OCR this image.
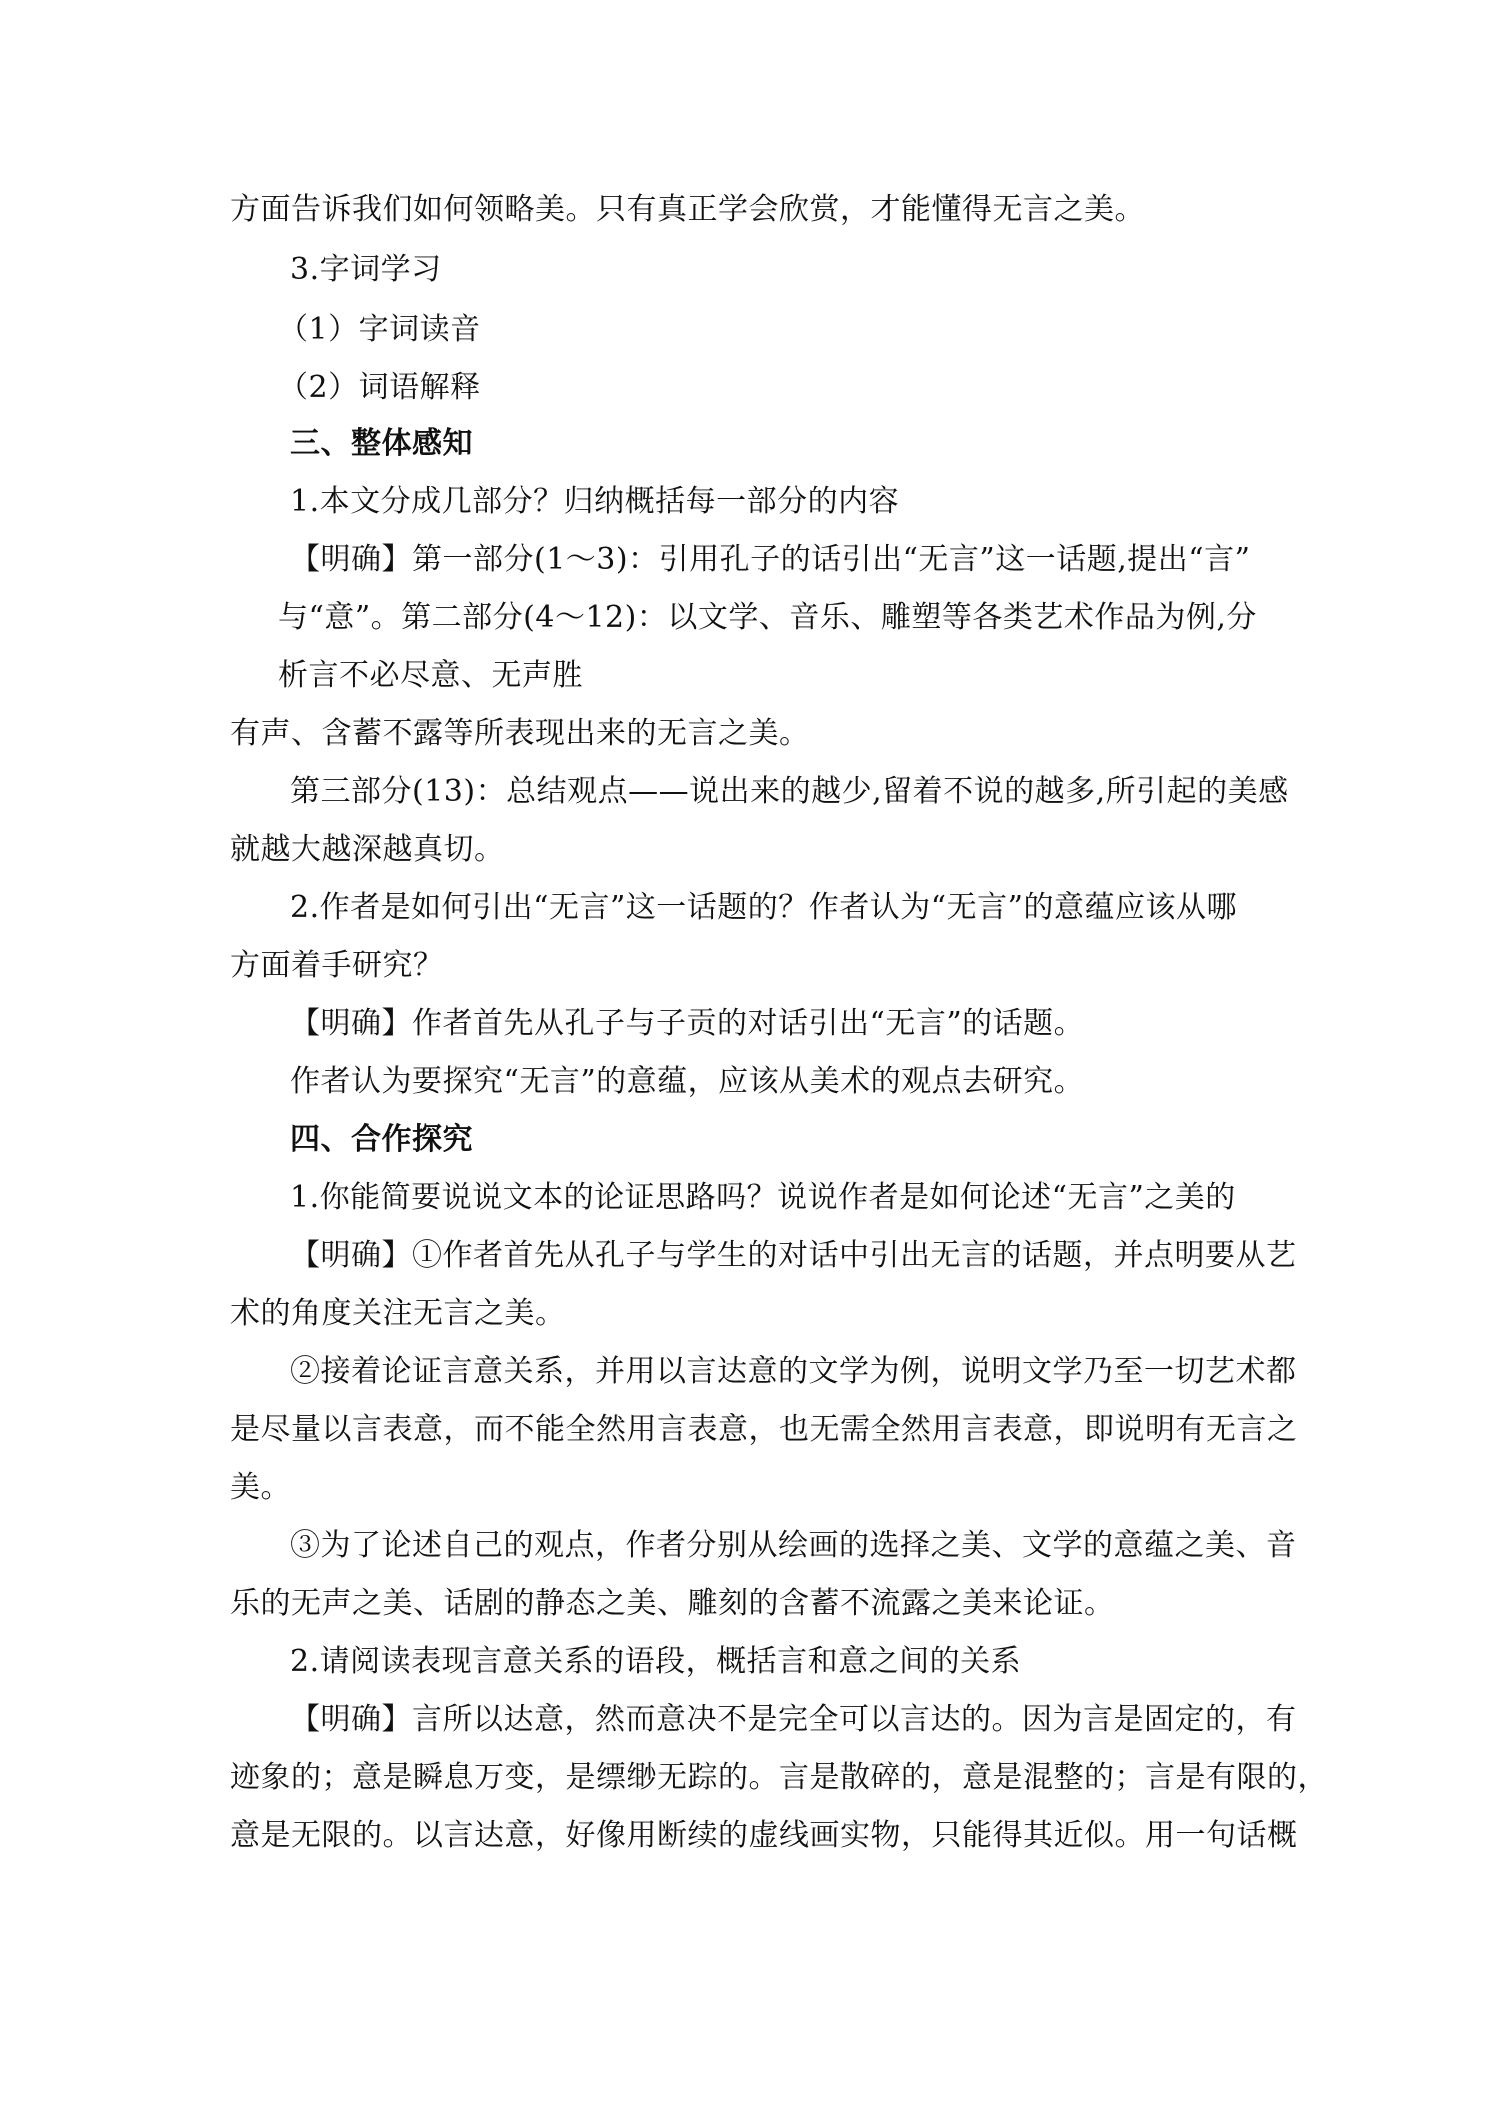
方面告诉我们如何领略美。只有真正学会欣赏，才能懂得无言之美。
3.字词学习
（1）字词读音
（2）词语解释
三、整体感知
1.本文分成几部分？归纳概括每一部分的内容
【明确】第一部分(1～3)：引用孔子的话引出“无言”这一话题,提出“言”
与“意”。第二部分(4～12)：以文学、音乐、雕塑等各类艺术作品为例,分
析言不必尽意、无声胜
有声、含蓄不露等所表现出来的无言之美。
第三部分(13)：总结观点——说出来的越少,留着不说的越多,所引起的美感
就越大越深越真切。
2.作者是如何引出“无言”这一话题的？作者认为“无言”的意蕴应该从哪
方面着手研究？
【明确】作者首先从孔子与子贡的对话引出“无言”的话题。
作者认为要探究“无言”的意蕴，应该从美术的观点去研究。
四、合作探究
1.你能简要说说文本的论证思路吗？说说作者是如何论述“无言”之美的
【明确】①作者首先从孔子与学生的对话中引出无言的话题，并点明要从艺
术的角度关注无言之美。
②接着论证言意关系，并用以言达意的文学为例，说明文学乃至一切艺术都
是尽量以言表意，而不能全然用言表意，也无需全然用言表意，即说明有无言之
美。
③为了论述自己的观点，作者分别从绘画的选择之美、文学的意蕴之美、音
乐的无声之美、话剧的静态之美、雕刻的含蓄不流露之美来论证。
2.请阅读表现言意关系的语段，概括言和意之间的关系
【明确】言所以达意，然而意决不是完全可以言达的。因为言是固定的，有
迹象的；意是瞬息万变，是缥缈无踪的。言是散碎的，意是混整的；言是有限的，
意是无限的。以言达意，好像用断续的虚线画实物，只能得其近似。用一句话概
